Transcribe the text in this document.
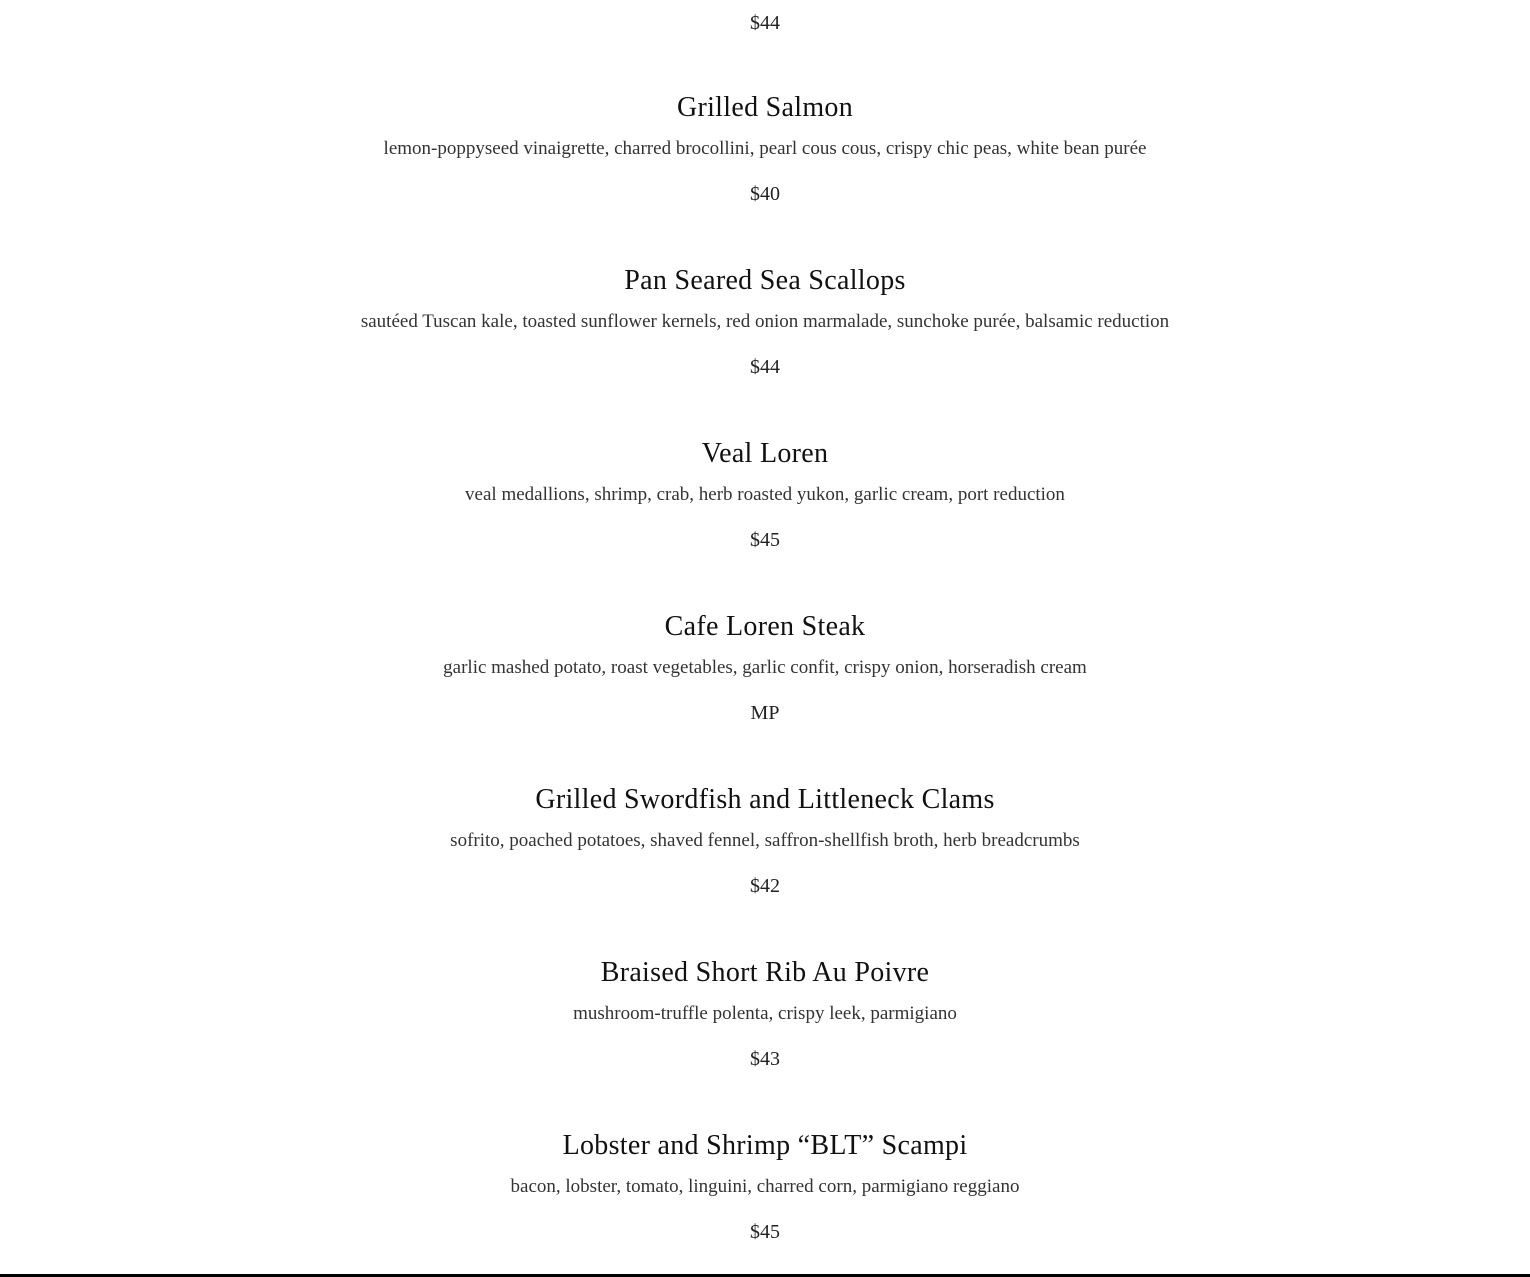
$44
Grilled Salmon
lemon-poppyseed vinaigrette, charred brocollini, pearl cous cous, crispy chic peas, white bean purée
$40
Pan Seared Sea Scallops
sautéed Tuscan kale, toasted sunflower kernels, red onion marmalade, sunchoke purée, balsamic reduction
$44
Veal Loren
veal medallions, shrimp, crab, herb roasted yukon, garlic cream, port reduction
$45
Cafe Loren Steak
garlic mashed potato, roast vegetables, garlic confit, crispy onion, horseradish cream
MP
Grilled Swordfish and Littleneck Clams
sofrito, poached potatoes, shaved fennel, saffron-shellfish broth, herb breadcrumbs
$42
Braised Short Rib Au Poivre
mushroom-truffle polenta, crispy leek, parmigiano
$43
Lobster and Shrimp “BLT” Scampi
bacon, lobster, tomato, linguini, charred corn, parmigiano reggiano
$45
